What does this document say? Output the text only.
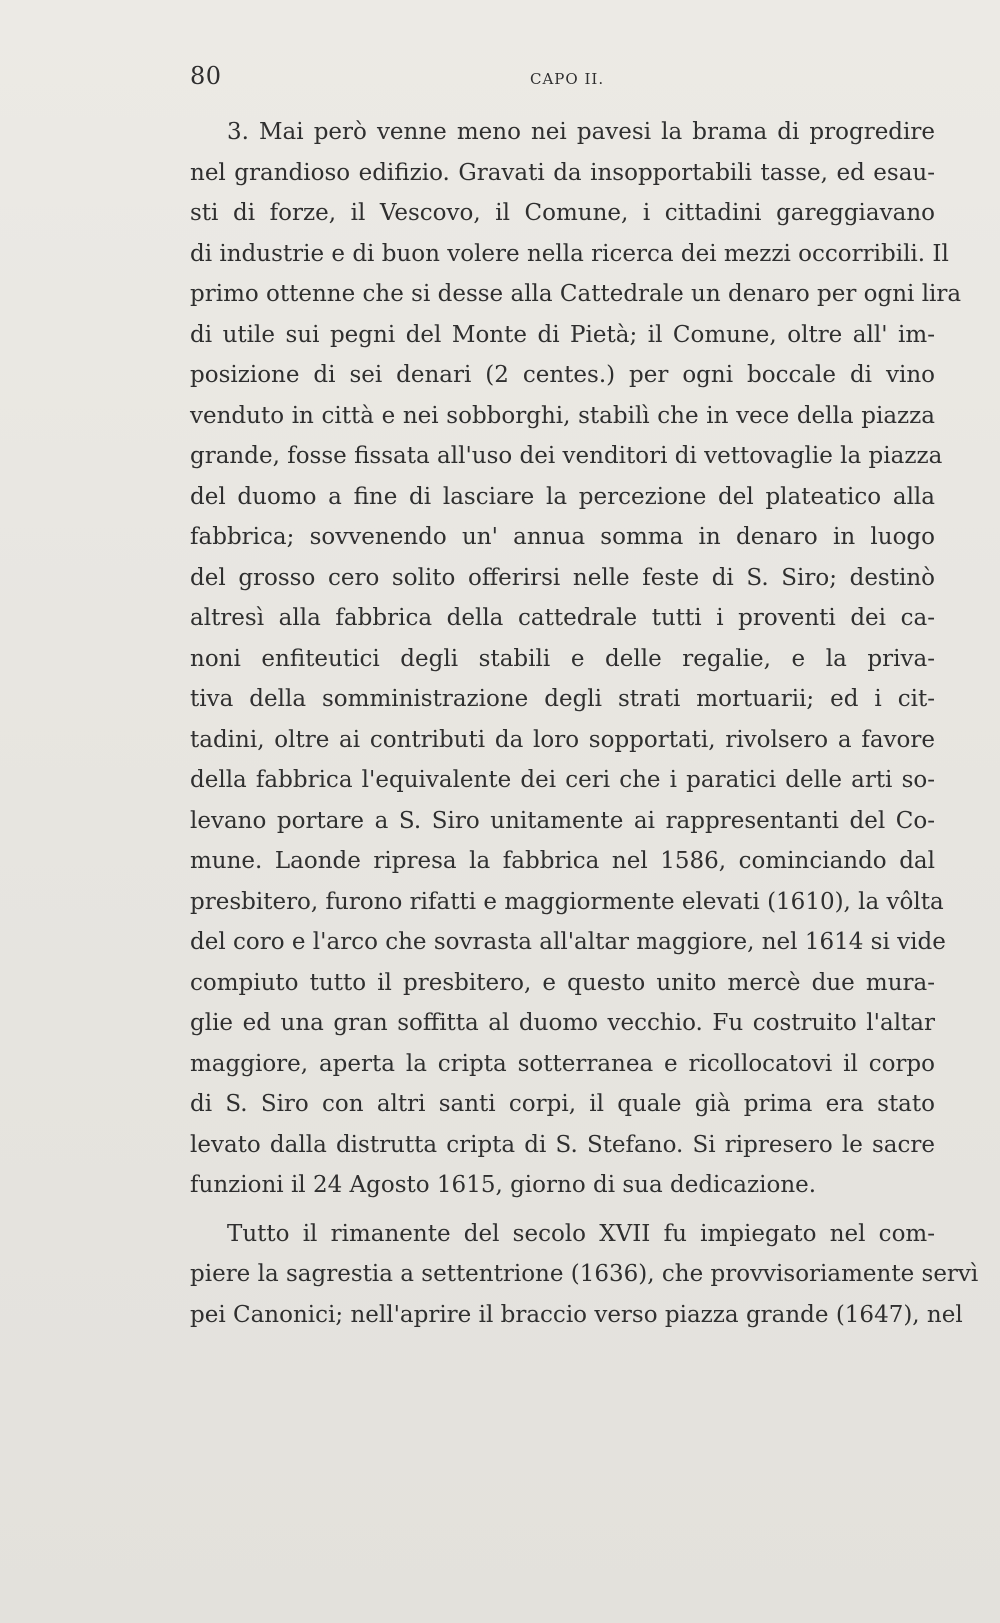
80	CAPO II.
3. Mai però venne meno nei pavesi la brama di progredire
nel grandioso edifizio. Gravati da insopportabili tasse, ed esau-
sti di forze, il Vescovo, il Comune, i cittadini gareggiavano
di industrie e di buon volere nella ricerca dei mezzi occorribili. Il
primo ottenne che si desse alla Cattedrale un denaro per ogni lira
di utile sui pegni del Monte di Pietà; il Comune, oltre all' im-
posizione di sei denari (2 centes.) per ogni boccale di vino
venduto in città e nei sobborghi, stabilì che in vece della piazza
grande, fosse fissata all'uso dei venditori di vettovaglie la piazza
del duomo a fine di lasciare la percezione del plateatico alla
fabbrica; sovvenendo un' annua somma in denaro in luogo
del grosso cero solito offerirsi nelle feste di S. Siro; destinò
altresì alla fabbrica della cattedrale tutti i proventi dei ca-
noni enfiteutici degli stabili e delle regalie, e la priva-
tiva della somministrazione degli strati mortuarii; ed i cit-
tadini, oltre ai contributi da loro sopportati, rivolsero a favore
della fabbrica l'equivalente dei ceri che i paratici delle arti so-
levano portare a S. Siro unitamente ai rappresentanti del Co-
mune. Laonde ripresa la fabbrica nel 1586, cominciando dal
presbitero, furono rifatti e maggiormente elevati (1610), la vôlta
del coro e l'arco che sovrasta all'altar maggiore, nel 1614 si vide
compiuto tutto il presbitero, e questo unito mercè due mura-
glie ed una gran soffitta al duomo vecchio. Fu costruito l'altar
maggiore, aperta la cripta sotterranea e ricollocatovi il corpo
di S. Siro con altri santi corpi, il quale già prima era stato
levato dalla distrutta cripta di S. Stefano. Si ripresero le sacre
funzioni il 24 Agosto 1615, giorno di sua dedicazione.
Tutto il rimanente del secolo XVII fu impiegato nel com-
piere la sagrestia a settentrione (1636), che provvisoriamente servì
pei Canonici; nell'aprire il braccio verso piazza grande (1647), nel
